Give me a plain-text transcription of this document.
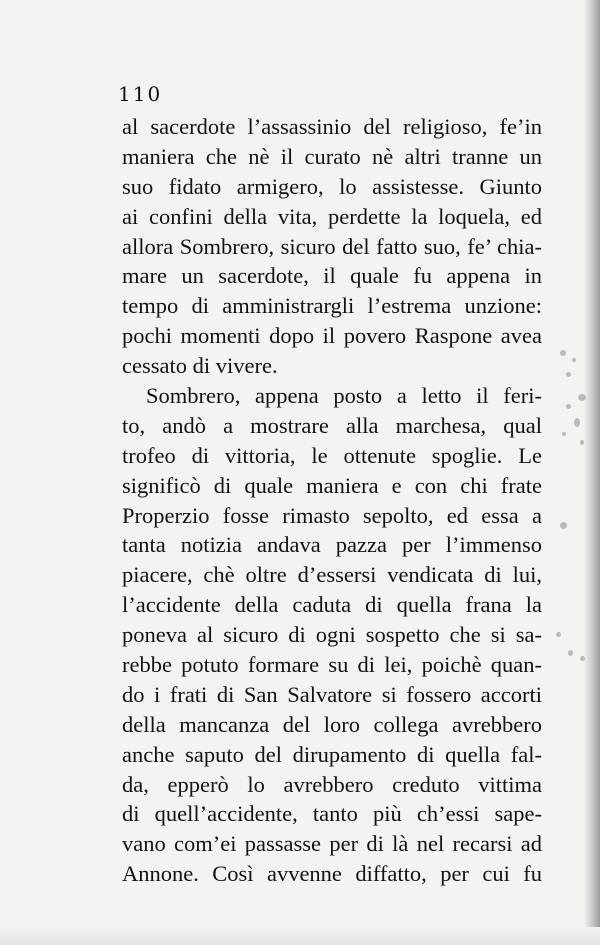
110
al sacerdote l’assassinio del religioso, fe’in
maniera che nè il curato nè altri tranne un
suo fidato armigero, lo assistesse. Giunto
ai confini della vita, perdette la loquela, ed
allora Sombrero, sicuro del fatto suo, fe’ chia-
mare un sacerdote, il quale fu appena in
tempo di amministrargli l’estrema unzione:
pochi momenti dopo il povero Raspone avea
cessato di vivere.
Sombrero, appena posto a letto il feri-
to, andò a mostrare alla marchesa, qual
trofeo di vittoria, le ottenute spoglie. Le
significò di quale maniera e con chi frate
Properzio fosse rimasto sepolto, ed essa a
tanta notizia andava pazza per l’immenso
piacere, chè oltre d’essersi vendicata di lui,
l’accidente della caduta di quella frana la
poneva al sicuro di ogni sospetto che si sa-
rebbe potuto formare su di lei, poichè quan-
do i frati di San Salvatore si fossero accorti
della mancanza del loro collega avrebbero
anche saputo del dirupamento di quella fal-
da, epperò lo avrebbero creduto vittima
di quell’accidente, tanto più ch’essi sape-
vano com’ei passasse per di là nel recarsi ad
Annone. Così avvenne diffatto, per cui fu
